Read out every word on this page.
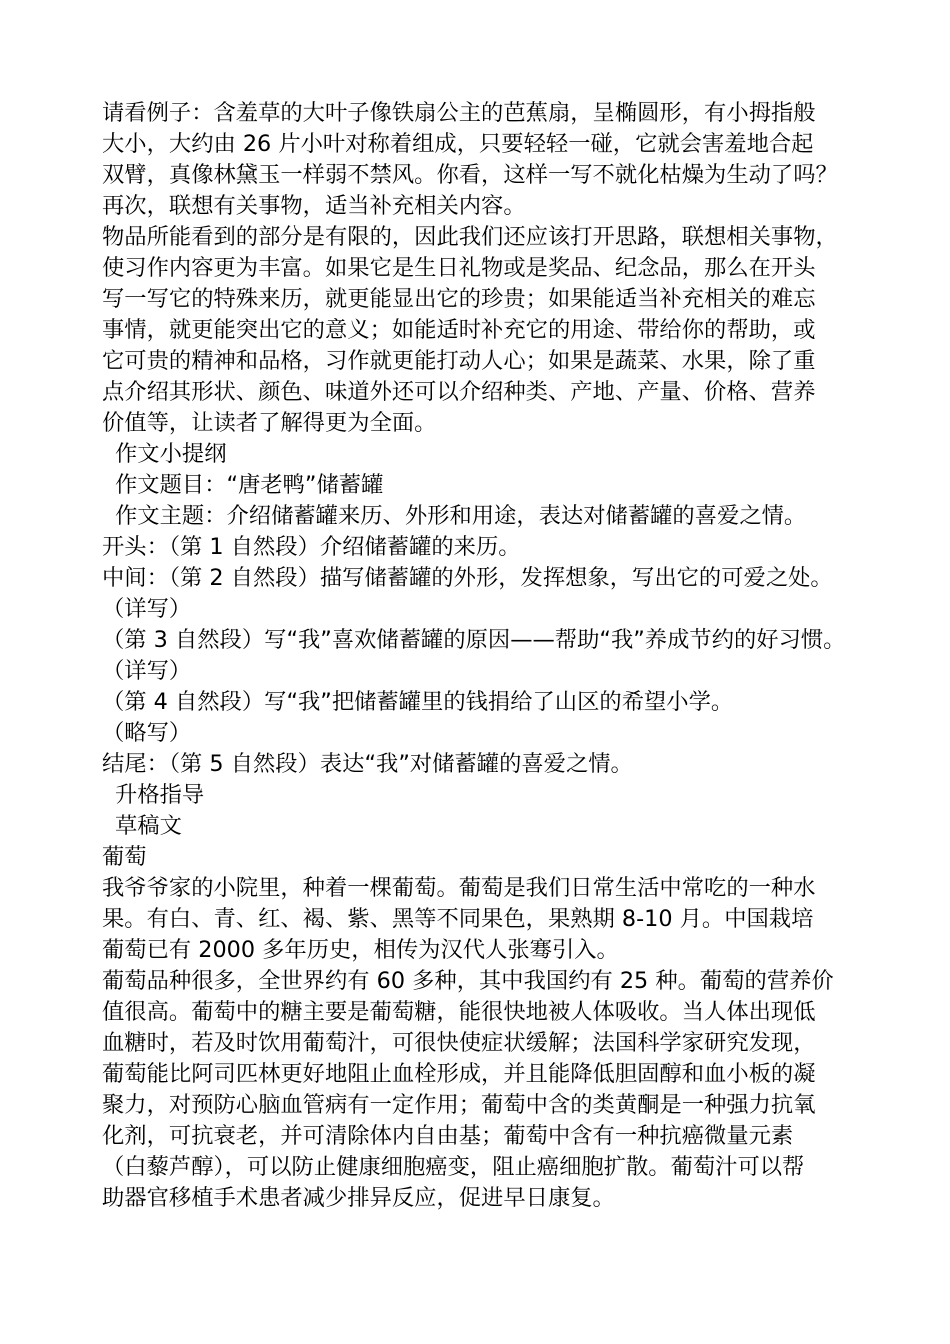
请看例子：含羞草的大叶子像铁扇公主的芭蕉扇，呈椭圆形，有小拇指般
大小，大约由 26 片小叶对称着组成，只要轻轻一碰，它就会害羞地合起
双臂，真像林黛玉一样弱不禁风。你看，这样一写不就化枯燥为生动了吗？
再次，联想有关事物，适当补充相关内容。
物品所能看到的部分是有限的，因此我们还应该打开思路，联想相关事物，
使习作内容更为丰富。如果它是生日礼物或是奖品、纪念品，那么在开头
写一写它的特殊来历，就更能显出它的珍贵；如果能适当补充相关的难忘
事情，就更能突出它的意义；如能适时补充它的用途、带给你的帮助，或
它可贵的精神和品格，习作就更能打动人心；如果是蔬菜、水果，除了重
点介绍其形状、颜色、味道外还可以介绍种类、产地、产量、价格、营养
价值等，让读者了解得更为全面。
作文小提纲
作文题目：“唐老鸭”储蓄罐
作文主题：介绍储蓄罐来历、外形和用途，表达对储蓄罐的喜爱之情。
开头：（第 1 自然段）介绍储蓄罐的来历。
中间：（第 2 自然段）描写储蓄罐的外形，发挥想象，写出它的可爱之处。
（详写）
（第 3 自然段）写“我”喜欢储蓄罐的原因——帮助“我”养成节约的好习惯。
（详写）
（第 4 自然段）写“我”把储蓄罐里的钱捐给了山区的希望小学。
（略写）
结尾：（第 5 自然段）表达“我”对储蓄罐的喜爱之情。
升格指导
草稿文
葡萄
我爷爷家的小院里，种着一棵葡萄。葡萄是我们日常生活中常吃的一种水
果。有白、青、红、褐、紫、黑等不同果色，果熟期 8-10 月。中国栽培
葡萄已有 2000 多年历史，相传为汉代人张骞引入。
葡萄品种很多，全世界约有 60 多种，其中我国约有 25 种。葡萄的营养价
值很高。葡萄中的糖主要是葡萄糖，能很快地被人体吸收。当人体出现低
血糖时，若及时饮用葡萄汁，可很快使症状缓解；法国科学家研究发现，
葡萄能比阿司匹林更好地阻止血栓形成，并且能降低胆固醇和血小板的凝
聚力，对预防心脑血管病有一定作用；葡萄中含的类黄酮是一种强力抗氧
化剂，可抗衰老，并可清除体内自由基；葡萄中含有一种抗癌微量元素
（白藜芦醇），可以防止健康细胞癌变，阻止癌细胞扩散。葡萄汁可以帮
助器官移植手术患者减少排异反应，促进早日康复。
